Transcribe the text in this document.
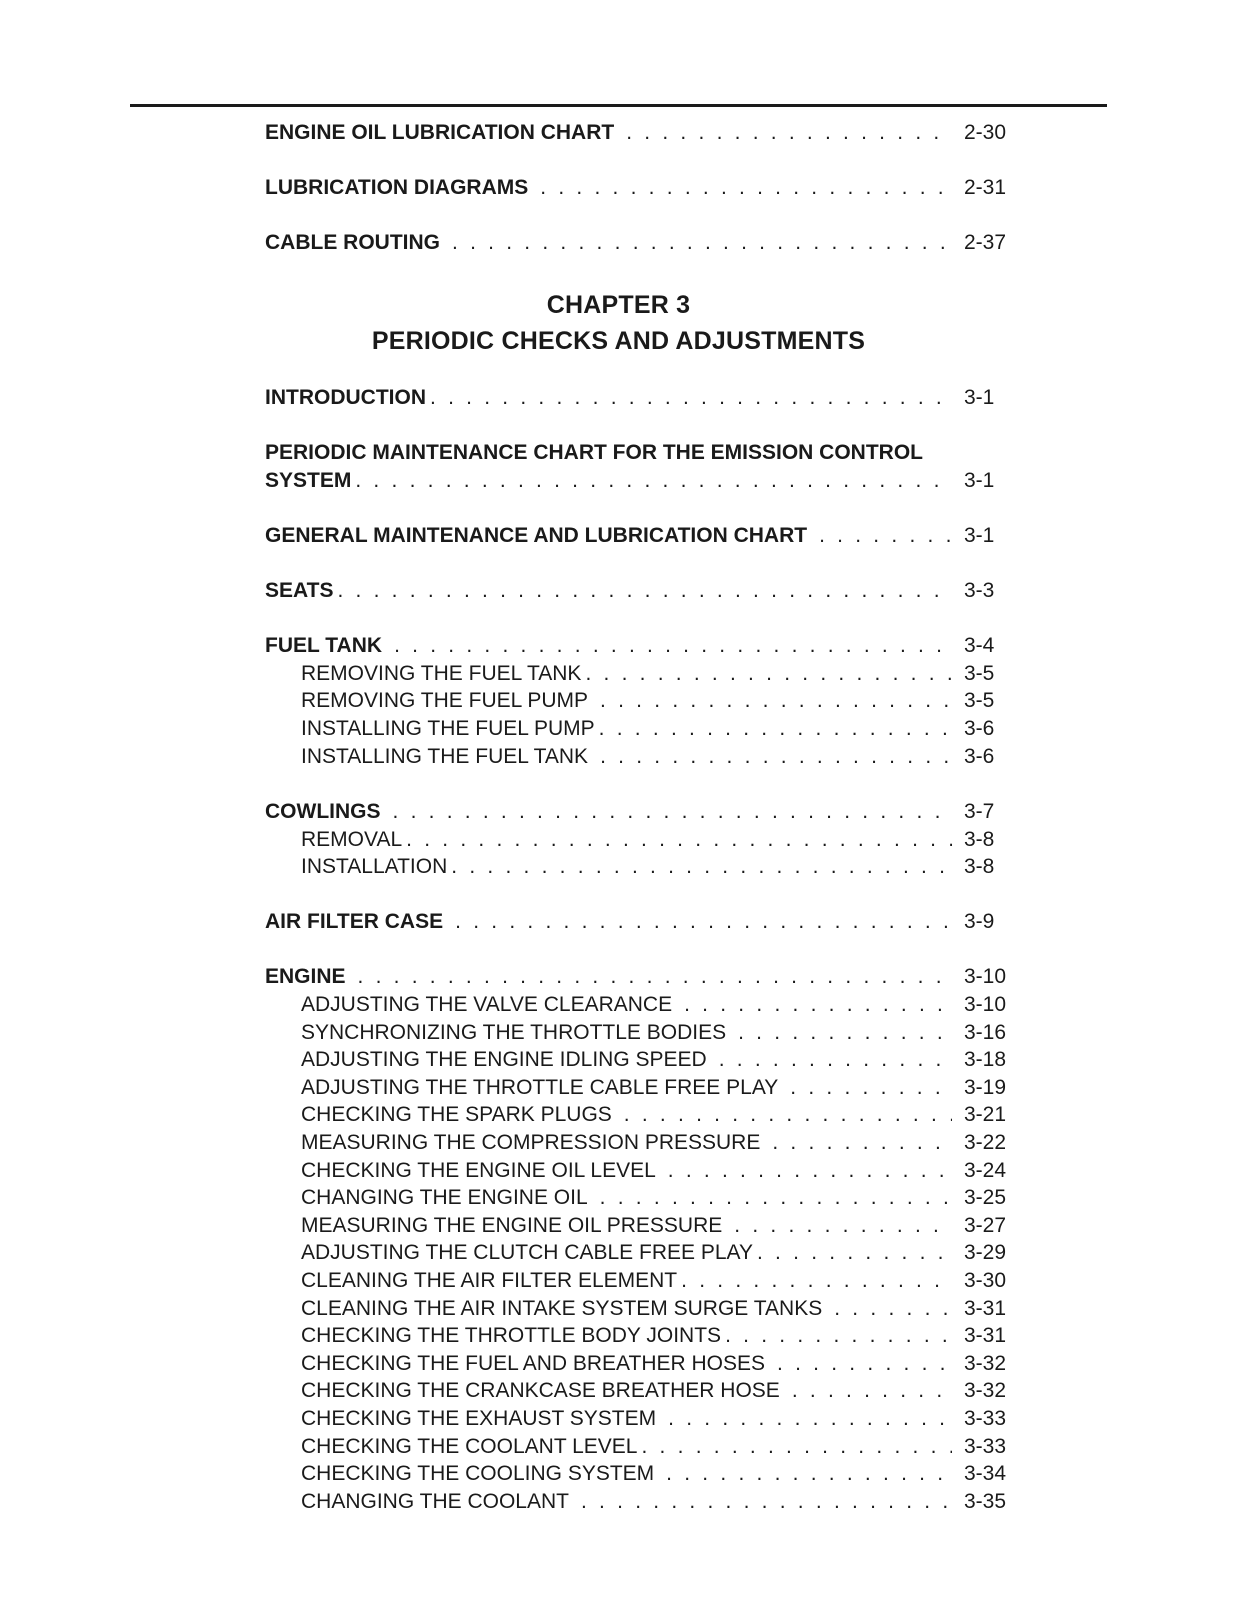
ENGINE OIL LUBRICATION CHART . . .	2-30
LUBRICATION DIAGRAMS . . .	2-31
CABLE ROUTING . . .	2-37
INTRODUCTION . . .	3-1
PERIODIC MAINTENANCE CHART FOR THE EMISSION CONTROL
SYSTEM . . .	3-1
GENERAL MAINTENANCE AND LUBRICATION CHART . . .	3-1
SEATS . . .	3-3
FUEL TANK . . .	3-4
REMOVING THE FUEL TANK . . .	3-5
REMOVING THE FUEL PUMP . . .	3-5
INSTALLING THE FUEL PUMP . . .	3-6
INSTALLING THE FUEL TANK . . .	3-6
COWLINGS . . .	3-7
REMOVAL . . .	3-8
INSTALLATION . . .	3-8
AIR FILTER CASE . . .	3-9
ENGINE . . .	3-10
ADJUSTING THE VALVE CLEARANCE . . .	3-10
SYNCHRONIZING THE THROTTLE BODIES . . .	3-16
ADJUSTING THE ENGINE IDLING SPEED . . .	3-18
ADJUSTING THE THROTTLE CABLE FREE PLAY . . .	3-19
CHECKING THE SPARK PLUGS . . .	3-21
MEASURING THE COMPRESSION PRESSURE . . .	3-22
CHECKING THE ENGINE OIL LEVEL . . .	3-24
CHANGING THE ENGINE OIL . . .	3-25
MEASURING THE ENGINE OIL PRESSURE . . .	3-27
ADJUSTING THE CLUTCH CABLE FREE PLAY . . .	3-29
CLEANING THE AIR FILTER ELEMENT . . .	3-30
CLEANING THE AIR INTAKE SYSTEM SURGE TANKS . . .	3-31
CHECKING THE THROTTLE BODY JOINTS . . .	3-31
CHECKING THE FUEL AND BREATHER HOSES . . .	3-32
CHECKING THE CRANKCASE BREATHER HOSE . . .	3-32
CHECKING THE EXHAUST SYSTEM . . .	3-33
CHECKING THE COOLANT LEVEL . . .	3-33
CHECKING THE COOLING SYSTEM . . .	3-34
CHANGING THE COOLANT . . .	3-35
CHAPTER 3
PERIODIC CHECKS AND ADJUSTMENTS
